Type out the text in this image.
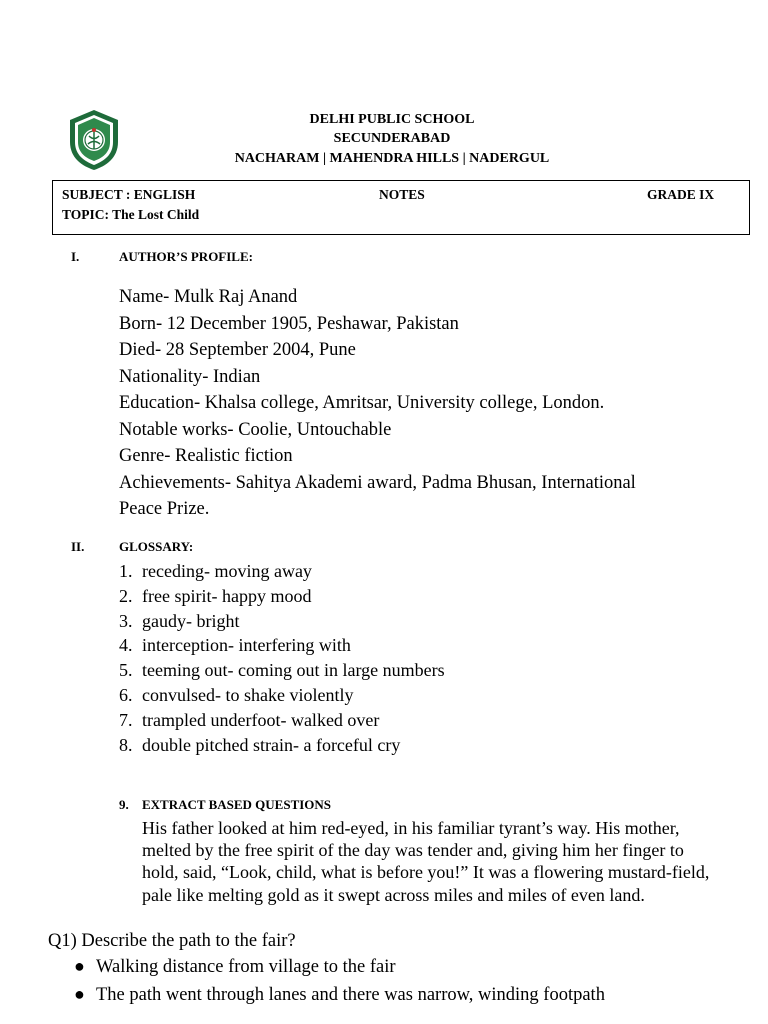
DELHI PUBLIC SCHOOL
SECUNDERABAD
NACHARAM | MAHENDRA HILLS | NADERGUL
SUBJECT : ENGLISH	NOTES	GRADE IX
TOPIC: The Lost Child
I.	AUTHOR’S PROFILE:
Name- Mulk Raj Anand
Born- 12 December 1905, Peshawar, Pakistan
Died- 28 September 2004, Pune
Nationality- Indian
Education- Khalsa college, Amritsar, University college, London.
Notable works- Coolie, Untouchable
Genre- Realistic fiction
Achievements- Sahitya Akademi award, Padma Bhusan, International
Peace Prize.
II.	GLOSSARY:
1. receding- moving away
2. free spirit- happy mood
3. gaudy- bright
4. interception- interfering with
5. teeming out- coming out in large numbers
6. convulsed- to shake violently
7. trampled underfoot- walked over
8. double pitched strain- a forceful cry
9. EXTRACT BASED QUESTIONS
His father looked at him red-eyed, in his familiar tyrant’s way. His mother, melted by the free spirit of the day was tender and, giving him her finger to hold, said, “Look, child, what is before you!” It was a flowering mustard-field, pale like melting gold as it swept across miles and miles of even land.
Q1) Describe the path to the fair?
● Walking distance from village to the fair
● The path went through lanes and there was narrow, winding footpath
